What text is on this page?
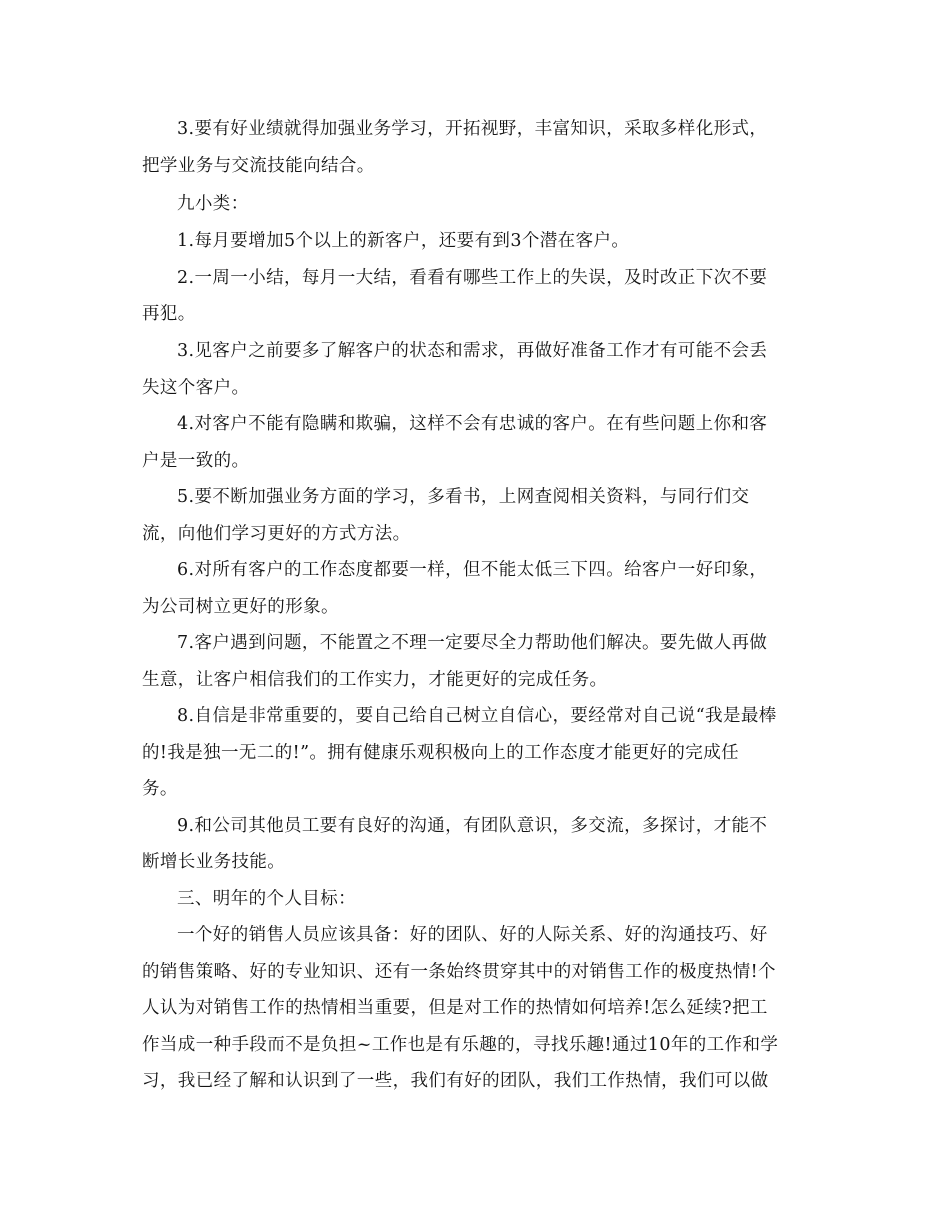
3.要有好业绩就得加强业务学习，开拓视野，丰富知识，采取多样化形式，

把学业务与交流技能向结合。

九小类：

1.每月要增加5个以上的新客户，还要有到3个潜在客户。

2.一周一小结，每月一大结，看看有哪些工作上的失误，及时改正下次不要

再犯。

3.见客户之前要多了解客户的状态和需求，再做好准备工作才有可能不会丢

失这个客户。

4.对客户不能有隐瞒和欺骗，这样不会有忠诚的客户。在有些问题上你和客

户是一致的。

5.要不断加强业务方面的学习，多看书，上网查阅相关资料，与同行们交

流，向他们学习更好的方式方法。

6.对所有客户的工作态度都要一样，但不能太低三下四。给客户一好印象，

为公司树立更好的形象。

7.客户遇到问题，不能置之不理一定要尽全力帮助他们解决。要先做人再做

生意，让客户相信我们的工作实力，才能更好的完成任务。

8.自信是非常重要的，要自己给自己树立自信心，要经常对自己说“我是最棒

的!我是独一无二的!”。拥有健康乐观积极向上的工作态度才能更好的完成任

务。

9.和公司其他员工要有良好的沟通，有团队意识，多交流，多探讨，才能不

断增长业务技能。

三、明年的个人目标：

一个好的销售人员应该具备：好的团队、好的人际关系、好的沟通技巧、好

的销售策略、好的专业知识、还有一条始终贯穿其中的对销售工作的极度热情!个

人认为对销售工作的热情相当重要，但是对工作的热情如何培养!怎么延续?把工

作当成一种手段而不是负担~工作也是有乐趣的，寻找乐趣!通过10年的工作和学

习，我已经了解和认识到了一些，我们有好的团队，我们工作热情，我们可以做
